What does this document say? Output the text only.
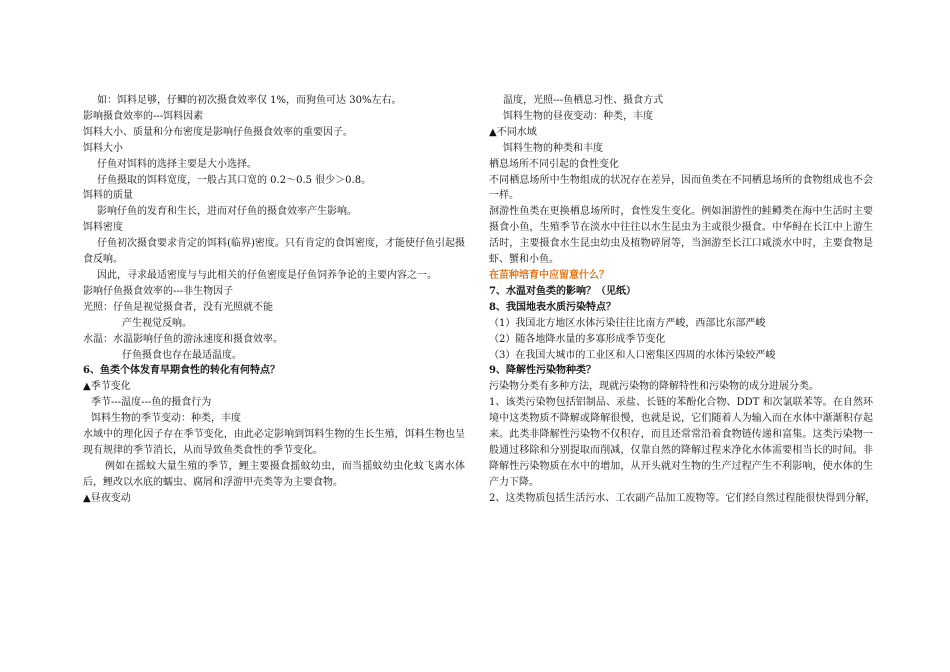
如：饵料足够，仔鲫的初次摄食效率仅 1%，而狗鱼可达 30%左右。
影响摄食效率的---饵料因素
饵料大小、质量和分布密度是影响仔鱼摄食效率的重要因子。
饵料大小
仔鱼对饵料的选择主要是大小选择。
仔鱼摄取的饵料宽度，一般占其口宽的 0.2～0.5 很少＞0.8。
饵料的质量
影响仔鱼的发育和生长，进而对仔鱼的摄食效率产生影响。
饵料密度
仔鱼初次摄食要求肯定的饵料(临界)密度。只有肯定的食饵密度，才能使仔鱼引起摄食反响。
因此，寻求最适密度与与此相关的仔鱼密度是仔鱼饲养争论的主要内容之一。
影响仔鱼摄食效率的---非生物因子
光照：仔鱼是视觉摄食者，没有光照就不能
产生视觉反响。
水温：水温影响仔鱼的游泳速度和摄食效率。
仔鱼摄食也存在最适温度。
6、鱼类个体发育早期食性的转化有何特点？
▲季节变化
季节---温度---鱼的摄食行为
饵料生物的季节变动：种类，丰度
水域中的理化因子存在季节变化，由此必定影响到饵料生物的生长生殖，饵料生物也呈现有规律的季节消长，从而导致鱼类食性的季节变化。
例如在摇蚊大量生殖的季节，鲤主要摄食摇蚊幼虫，而当摇蚊幼虫化蚊飞离水体后，鲤改以水底的蠕虫、腐屑和浮游甲壳类等为主要食物。
▲昼夜变动
温度，光照---鱼栖息习性、摄食方式
饵料生物的昼夜变动：种类，丰度
▲不同水域
饵料生物的种类和丰度
栖息场所不同引起的食性变化
不同栖息场所中生物组成的状况存在差异，因而鱼类在不同栖息场所的食物组成也不会一样。
洄游性鱼类在更换栖息场所时，食性发生变化。例如洄游性的鲑鳟类在海中生活时主要摄食小鱼，生殖季节在淡水中往往以水生昆虫为主或很少摄食。中华鲟在长江中上游生活时，主要摄食水生昆虫幼虫及植物碎屑等，当洄游至长江口咸淡水中时，主要食物是虾、蟹和小鱼。
在苗种培育中应留意什么？
7、水温对鱼类的影响？（见纸）
8、我国地表水质污染特点？
（1）我国北方地区水体污染往往比南方严峻，西部比东部严峻
（2）随各地降水量的多寡形成季节变化
（3）在我国大城市的工业区和人口密集区四周的水体污染较严峻
9、降解性污染物种类？
污染物分类有多种方法，现就污染物的降解特性和污染物的成分进展分类。
1、该类污染物包括铝制品、汞盐、长链的苯酚化合物、DDT 和次氯联苯等。在自然环境中这类物质不降解或降解很慢，也就是说，它们随着人为输入而在水体中渐渐积存起来。此类非降解性污染物不仅积存，而且还常常沿着食物链传递和富集。这类污染物一般通过移除和分别提取而削减，仅靠自然的降解过程来净化水体需要相当长的时间。非降解性污染物质在水中的增加，从开头就对生物的生产过程产生不利影响，使水体的生产力下降。
2、这类物质包括生活污水、工农副产品加工废物等。它们经自然过程能很快得到分解，
